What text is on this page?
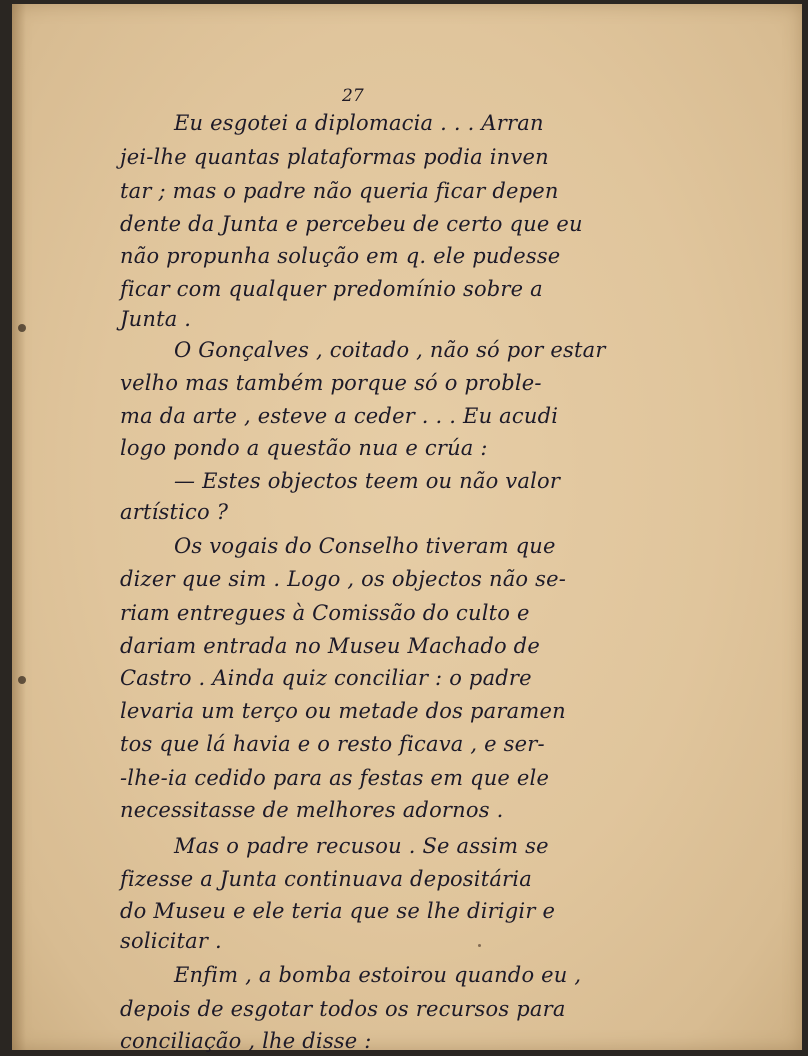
27
Eu esgotei a diplomacia . . . Arran
jei-lhe quantas plataformas podia inven
tar ; mas o padre não queria ficar depen
dente da Junta e percebeu de certo que eu
não propunha solução em q. ele pudesse
ficar com qualquer predomínio sobre a
Junta .
O Gonçalves , coitado , não só por estar
velho mas também porque só o proble-
ma da arte , esteve a ceder . . . Eu acudi
logo pondo a questão nua e crúa :
— Estes objectos teem ou não valor
artístico ?
Os vogais do Conselho tiveram que
dizer que sim . Logo , os objectos não se-
riam entregues à Comissão do culto e
dariam entrada no Museu Machado de
Castro . Ainda quiz conciliar : o padre
levaria um terço ou metade dos paramen
tos que lá havia e o resto ficava , e ser-
-lhe-ia cedido para as festas em que ele
necessitasse de melhores adornos .
Mas o padre recusou . Se assim se
fizesse a Junta continuava depositária
do Museu e ele teria que se lhe dirigir e
solicitar .
Enfim , a bomba estoirou quando eu ,
depois de esgotar todos os recursos para
conciliação , lhe disse :
